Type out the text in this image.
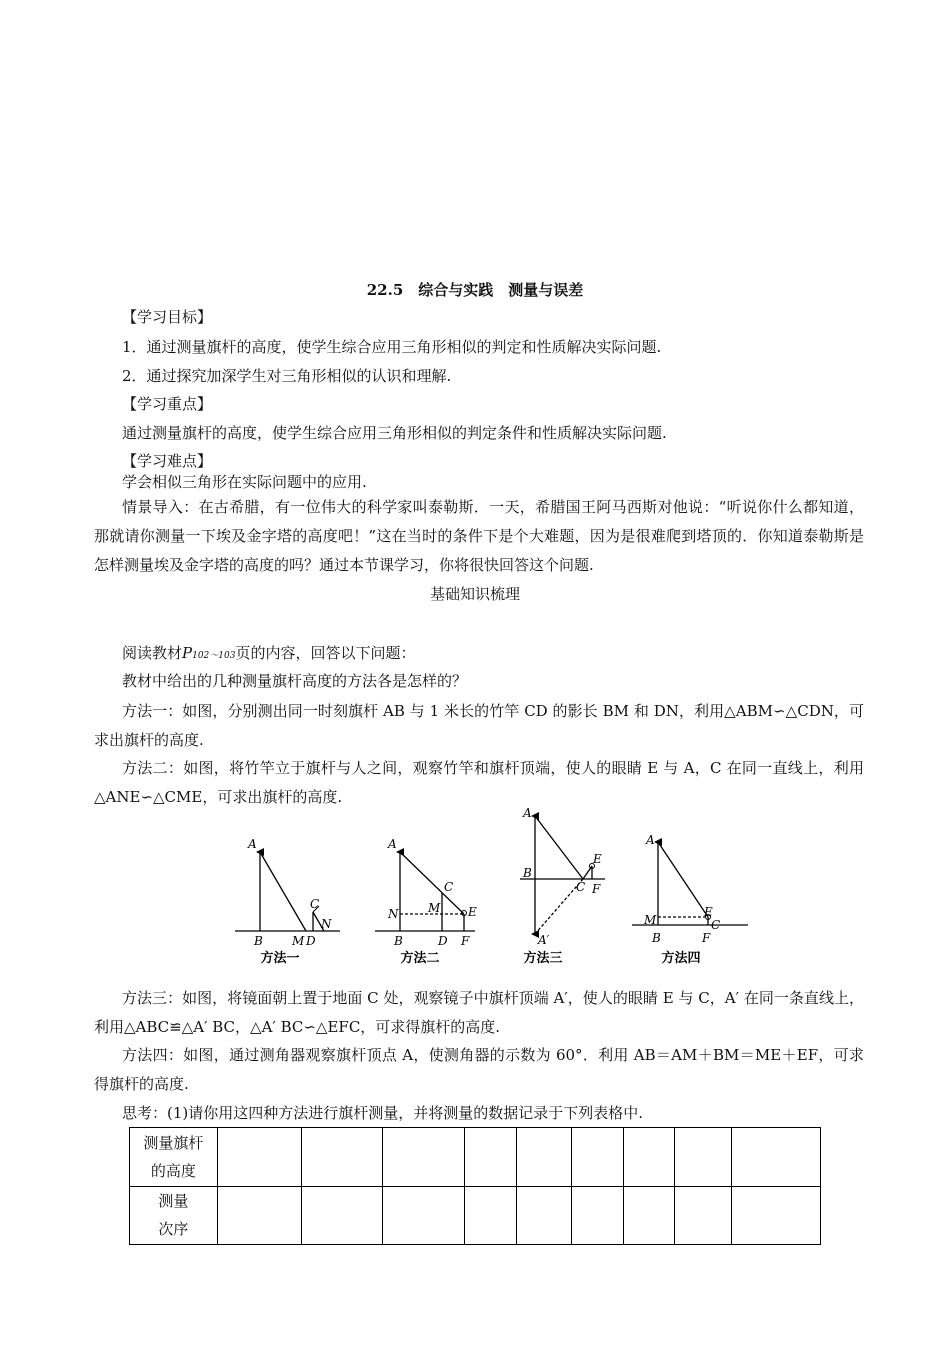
22.5　综合与实践　测量与误差
【学习目标】
1．通过测量旗杆的高度，使学生综合应用三角形相似的判定和性质解决实际问题.
2．通过探究加深学生对三角形相似的认识和理解.
【学习重点】
通过测量旗杆的高度，使学生综合应用三角形相似的判定条件和性质解决实际问题.
【学习难点】
学会相似三角形在实际问题中的应用.
情景导入：在古希腊，有一位伟大的科学家叫泰勒斯．一天，希腊国王阿马西斯对他说：“听说你什么都知道，那就请你测量一下埃及金字塔的高度吧！”这在当时的条件下是个大难题，因为是很难爬到塔顶的．你知道泰勒斯是怎样测量埃及金字塔的高度的吗？通过本节课学习，你将很快回答这个问题.
基础知识梳理
阅读教材P102～103页的内容，回答以下问题：
教材中给出的几种测量旗杆高度的方法各是怎样的？
方法一：如图，分别测出同一时刻旗杆 AB 与 1 米长的竹竿 CD 的影长 BM 和 DN，利用△ABM∽△CDN，可求出旗杆的高度.
方法二：如图，将竹竿立于旗杆与人之间，观察竹竿和旗杆顶端，使人的眼睛 E 与 A，C 在同一直线上，利用△ANE∽△CME，可求出旗杆的高度.
A
B
C
M D
N
A
B
C
M
N
D
E
F
A
B
C
E
F
A′
A
B
M
E
C
F
方法一	方法二	方法三	方法四
方法三：如图，将镜面朝上置于地面 C 处，观察镜子中旗杆顶端 A′，使人的眼睛 E 与 C，A′ 在同一条直线上，利用△ABC≌△A′ BC，△A′ BC∽△EFC，可求得旗杆的高度.
方法四：如图，通过测角器观察旗杆顶点 A，使测角器的示数为 60°．利用 AB＝AM＋BM＝ME＋EF，可求得旗杆的高度.
思考：(1)请你用这四种方法进行旗杆测量，并将测量的数据记录于下列表格中.
测量旗杆
的高度									

测量
次序									
